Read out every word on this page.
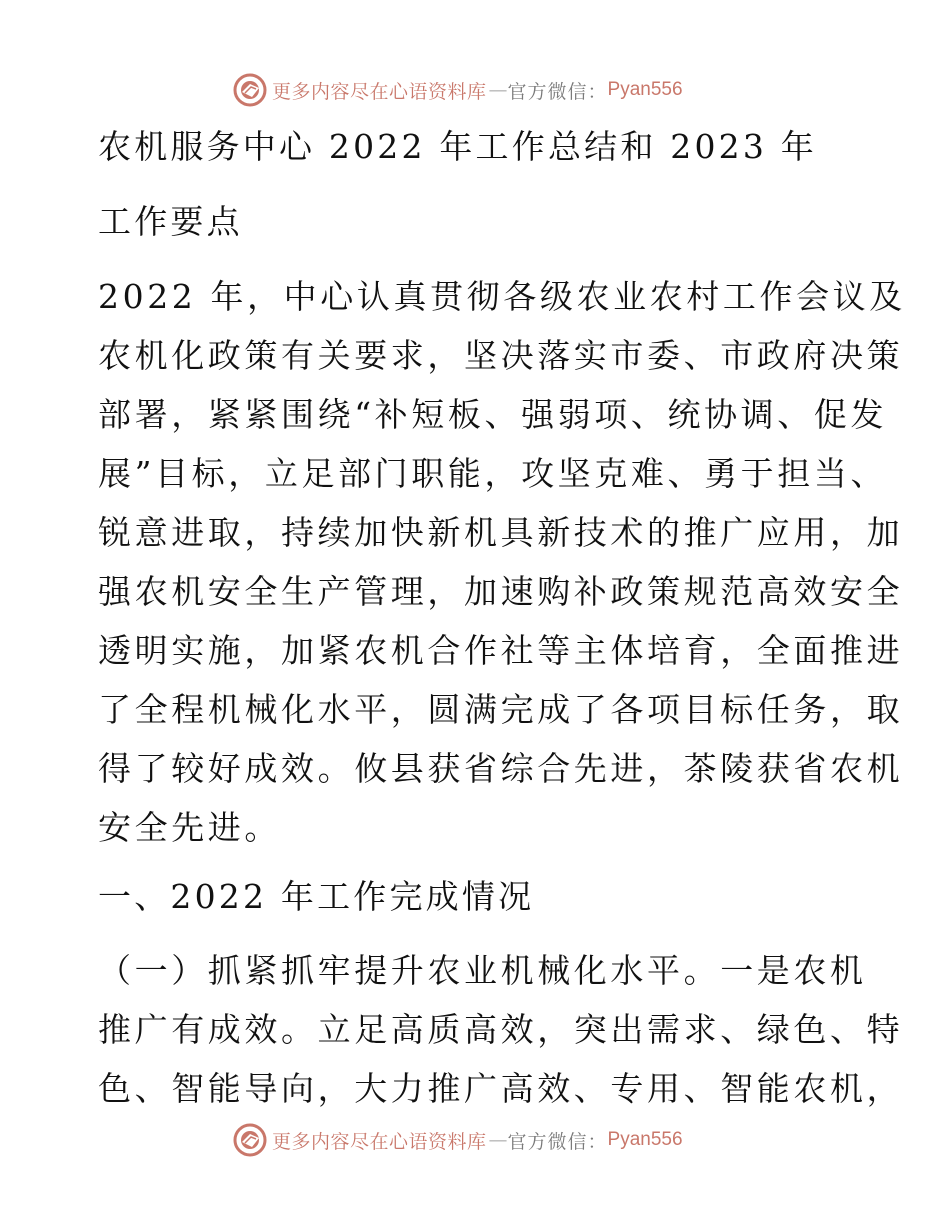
更多内容尽在心语资料库 — 官方微信： Pyan556
农机服务中心 2022 年工作总结和 2023 年
工作要点
2022 年，中心认真贯彻各级农业农村工作会议及
农机化政策有关要求，坚决落实市委、市政府决策
部署，紧紧围绕“补短板、强弱项、统协调、促发
展”目标，立足部门职能，攻坚克难、勇于担当、
锐意进取，持续加快新机具新技术的推广应用，加
强农机安全生产管理，加速购补政策规范高效安全
透明实施，加紧农机合作社等主体培育，全面推进
了全程机械化水平，圆满完成了各项目标任务，取
得了较好成效。攸县获省综合先进，茶陵获省农机
安全先进。
一、2022 年工作完成情况
（一）抓紧抓牢提升农业机械化水平。一是农机
推广有成效。立足高质高效，突出需求、绿色、特
色、智能导向，大力推广高效、专用、智能农机，
更多内容尽在心语资料库 — 官方微信： Pyan556
